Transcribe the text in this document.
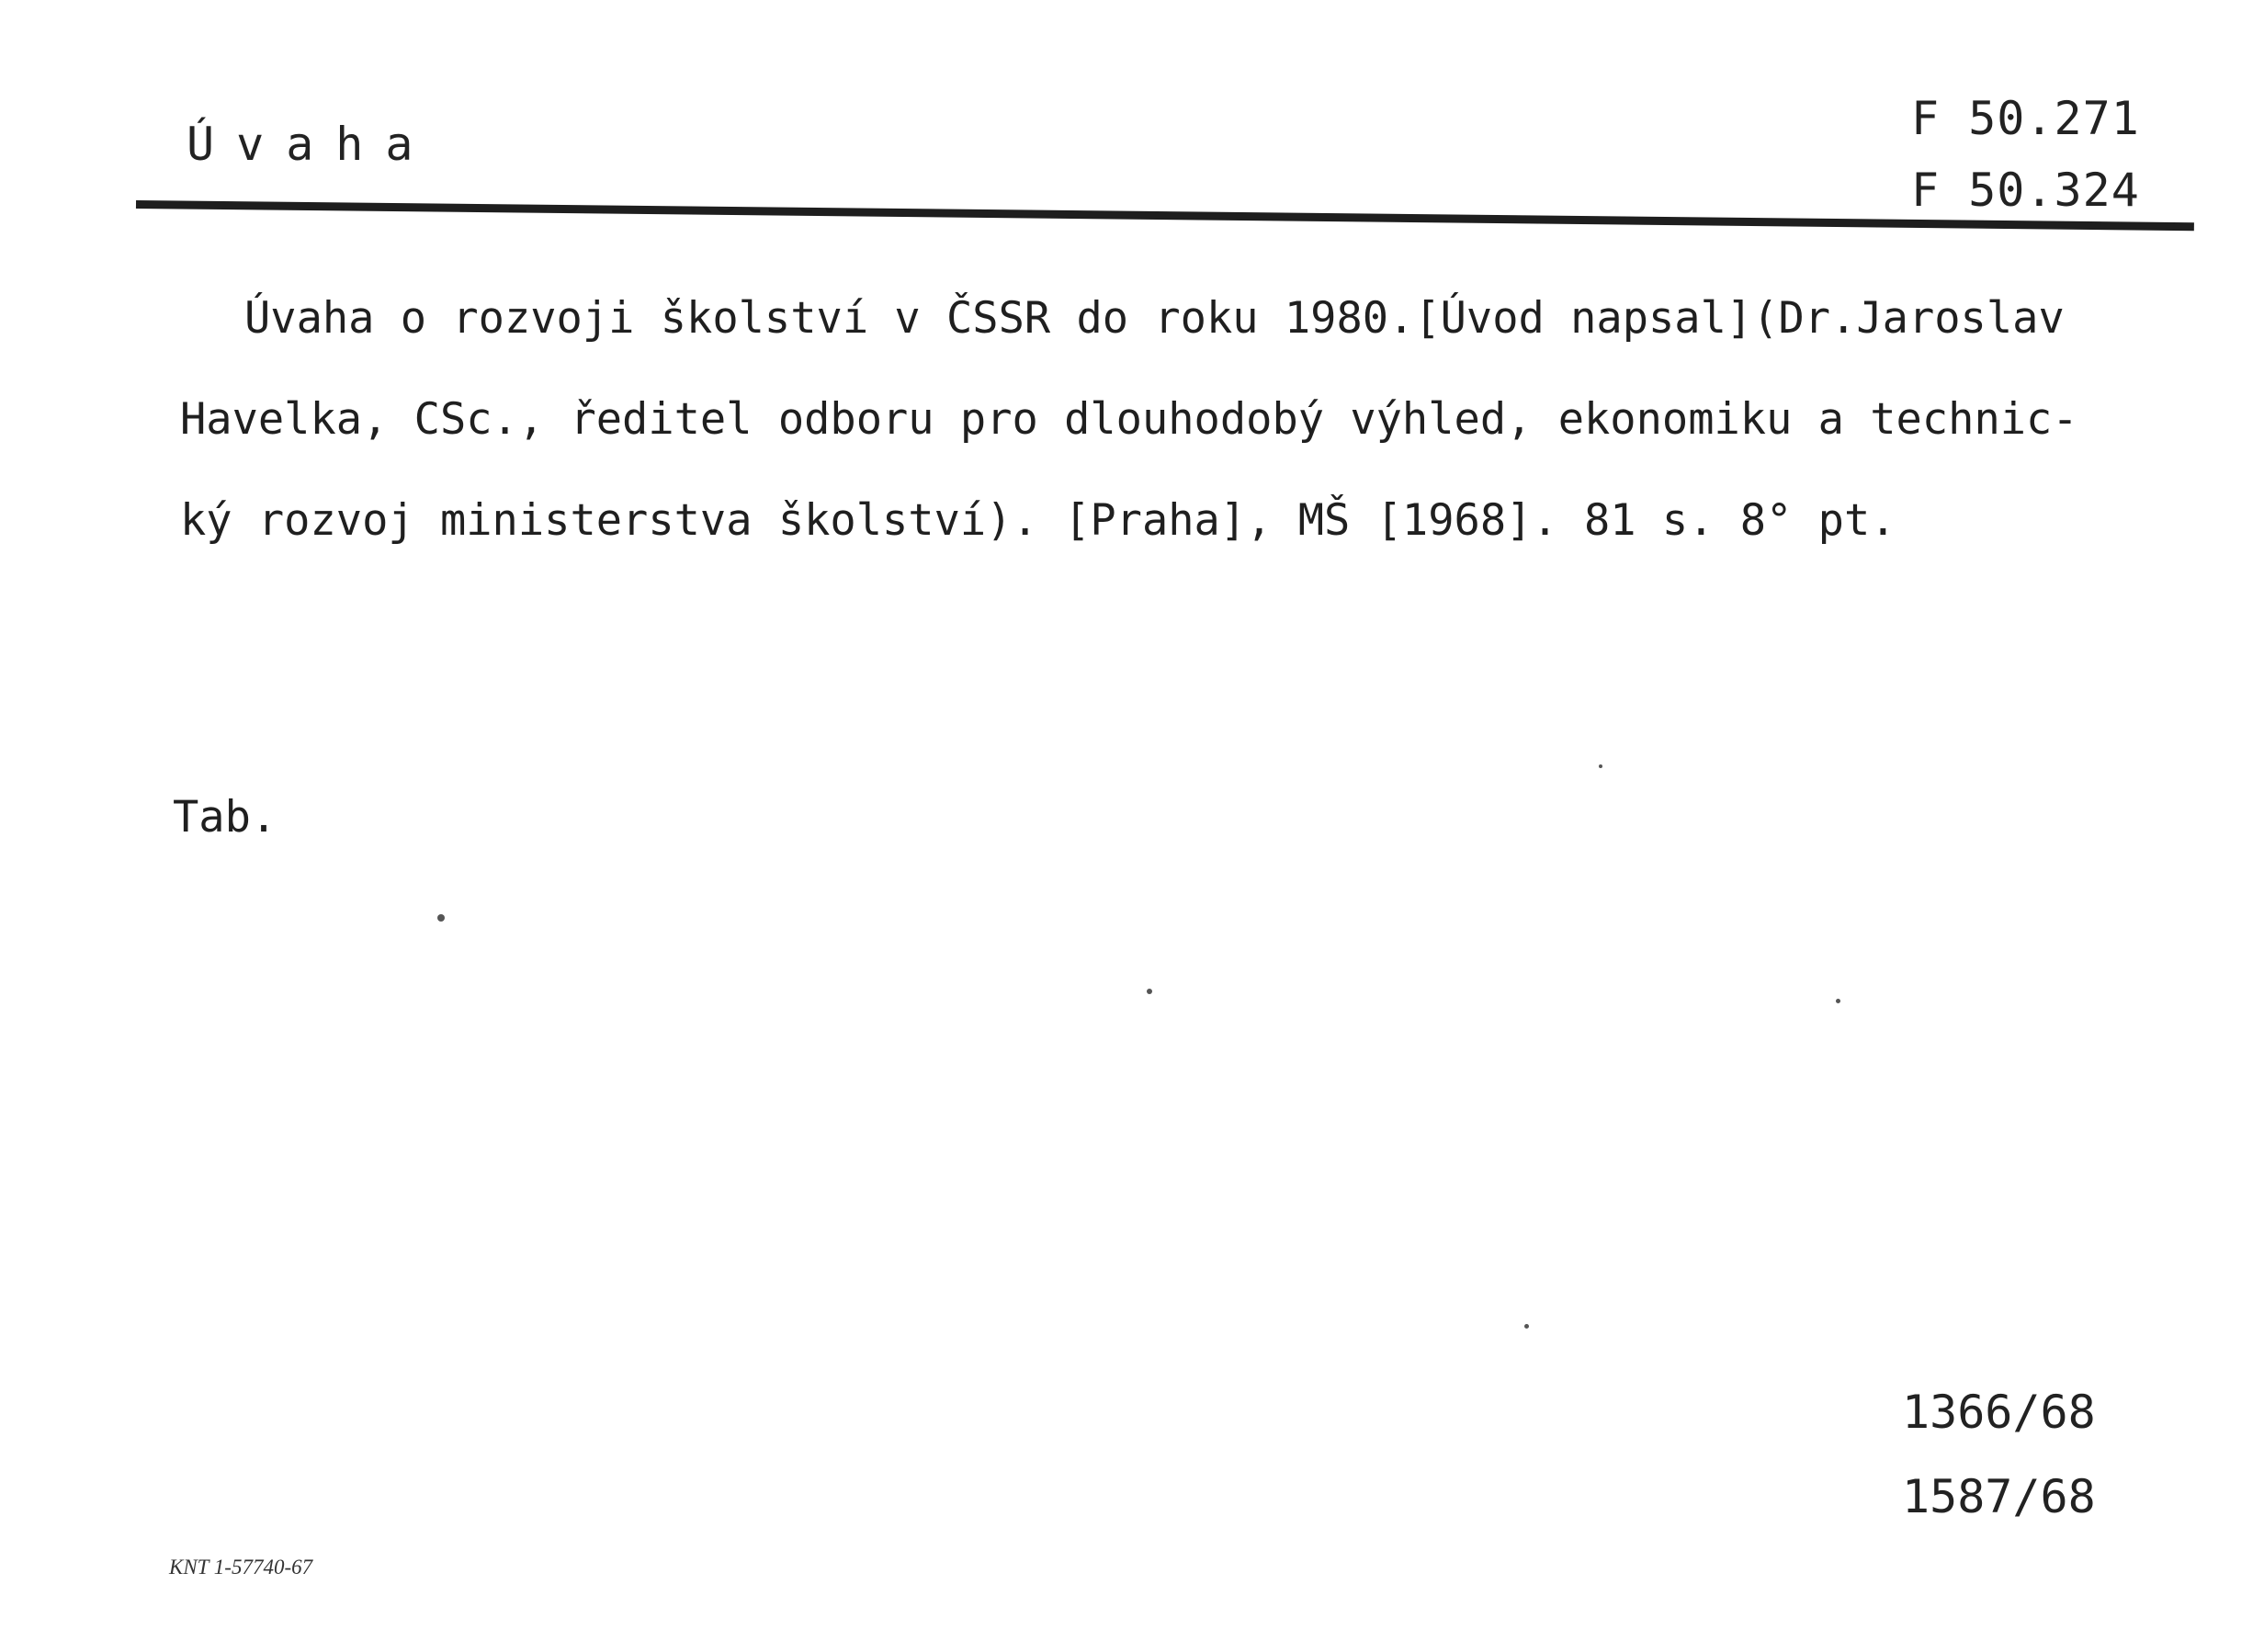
Úvaha	F 50.271
F 50.324
Úvaha o rozvoji školství v ČSSR do roku 1980.[Úvod napsal](Dr.Jaroslav
Havelka, CSc., ředitel odboru pro dlouhodobý výhled, ekonomiku a technic-
ký rozvoj ministerstva školství). [Praha], MŠ [1968]. 81 s. 8° pt.
Tab.
1366/68
1587/68
KNT 1-57740-67
